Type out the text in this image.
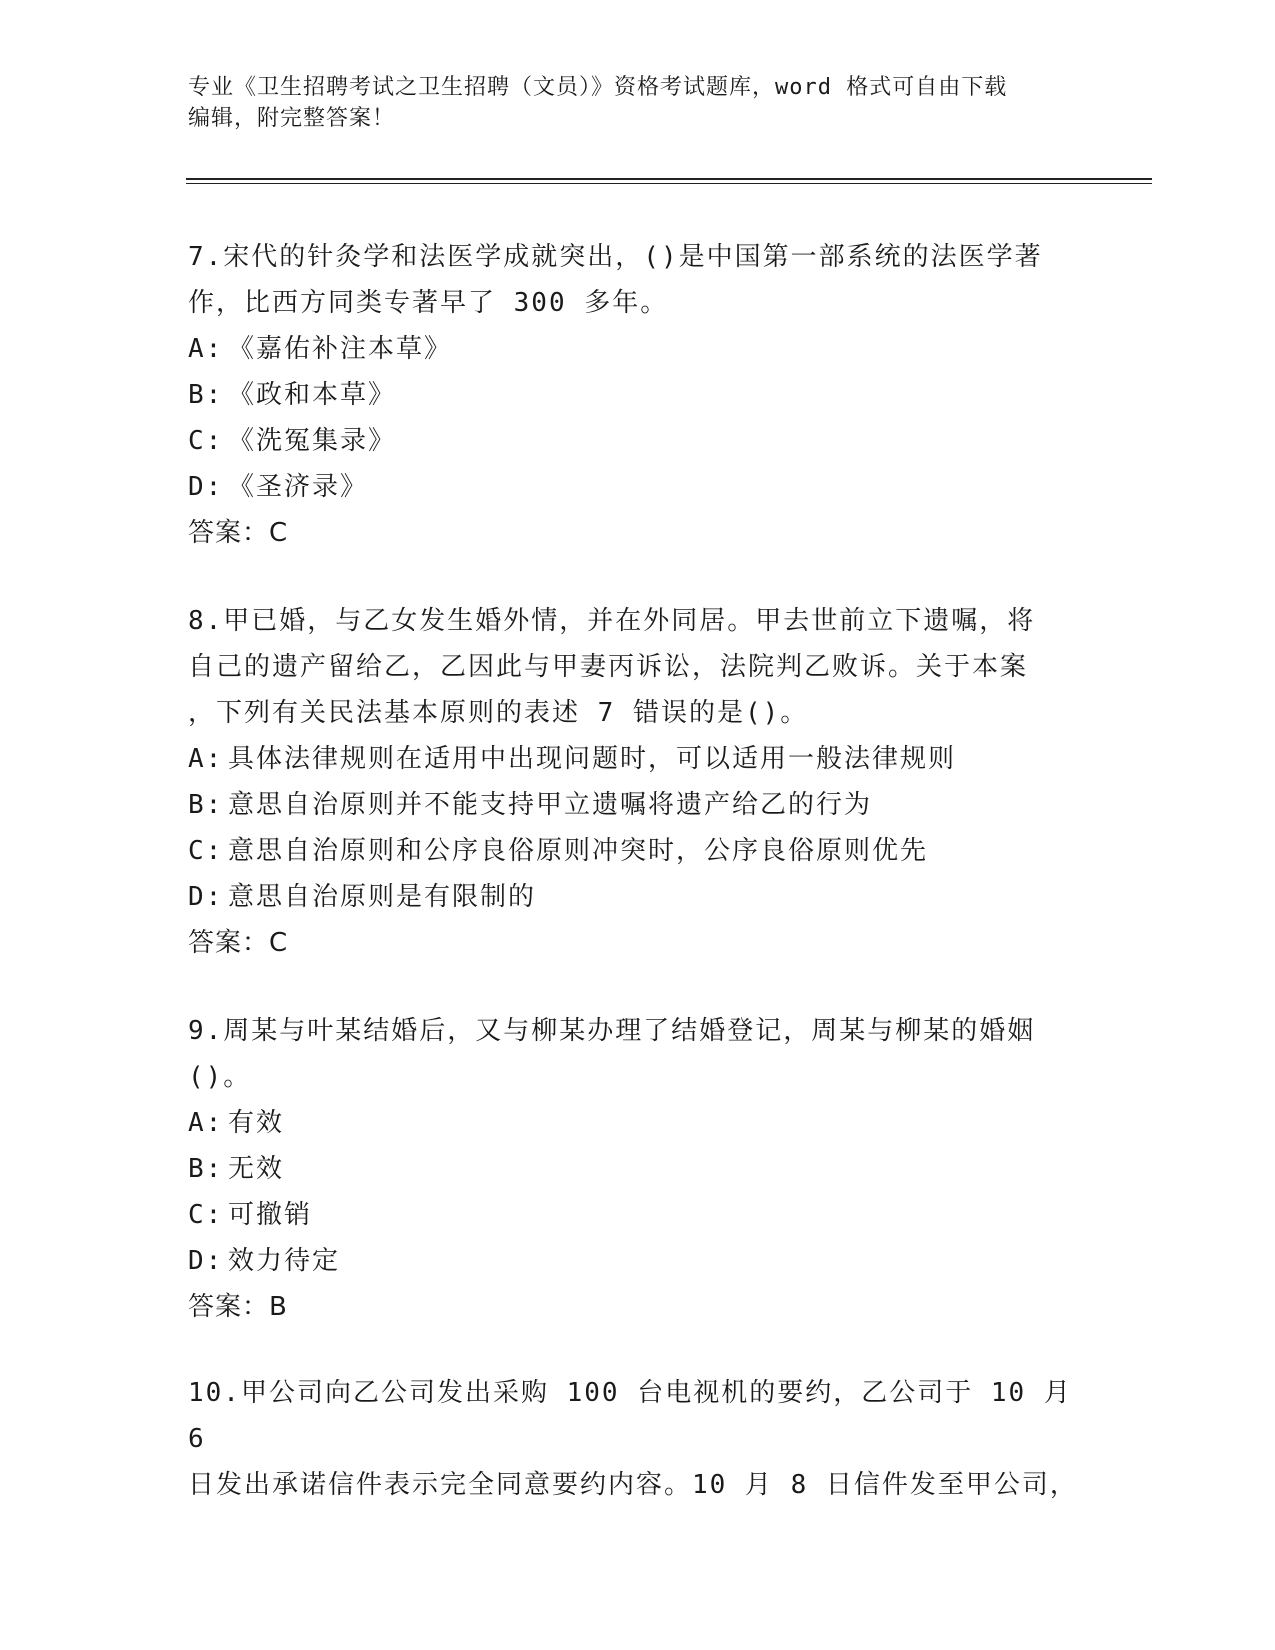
专业《卫生招聘考试之卫生招聘（文员）》资格考试题库，word 格式可自由下载
编辑，附完整答案！
7.宋代的针灸学和法医学成就突出，()是中国第一部系统的法医学著
作，比西方同类专著早了 300 多年。
A: 《嘉佑补注本草》
B: 《政和本草》
C: 《洗冤集录》
D: 《圣济录》
答案：C
8.甲已婚，与乙女发生婚外情，并在外同居。甲去世前立下遗嘱，将
自己的遗产留给乙，乙因此与甲妻丙诉讼，法院判乙败诉。关于本案
，下列有关民法基本原则的表述 7 错误的是()。
A: 具体法律规则在适用中出现问题时，可以适用一般法律规则
B: 意思自治原则并不能支持甲立遗嘱将遗产给乙的行为
C: 意思自治原则和公序良俗原则冲突时，公序良俗原则优先
D: 意思自治原则是有限制的
答案：C
9.周某与叶某结婚后，又与柳某办理了结婚登记，周某与柳某的婚姻
()。
A: 有效
B: 无效
C: 可撤销
D: 效力待定
答案：B
10.甲公司向乙公司发出采购 100 台电视机的要约，乙公司于 10 月 6
日发出承诺信件表示完全同意要约内容。10 月 8 日信件发至甲公司，
